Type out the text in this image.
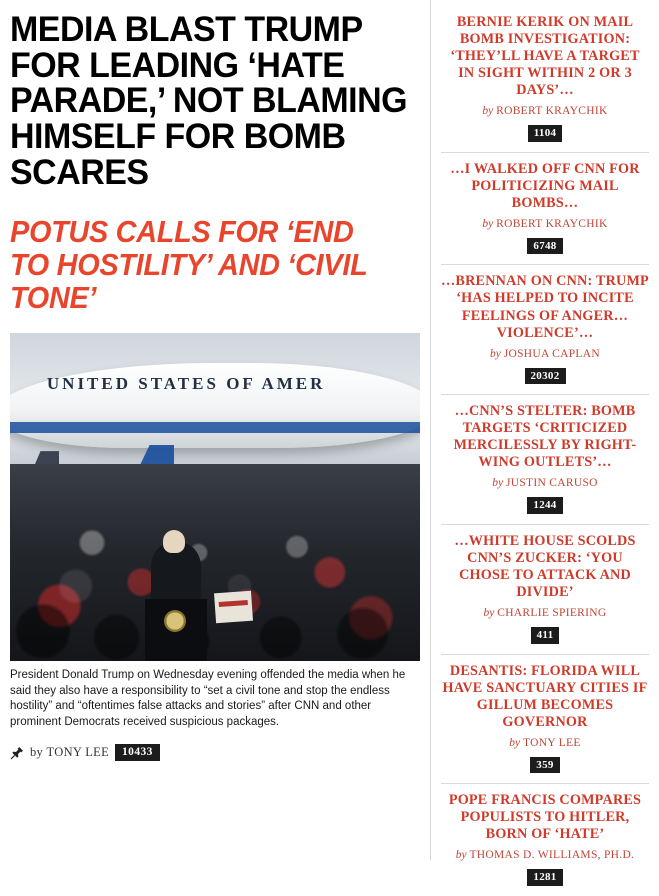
MEDIA BLAST TRUMP FOR LEADING ‘HATE PARADE,’ NOT BLAMING HIMSELF FOR BOMB SCARES
POTUS CALLS FOR ‘END TO HOSTILITY’ AND ‘CIVIL TONE’
UNITED STATES OF AMER

President Donald Trump on Wednesday evening offended the media when he said they also have a responsibility to “set a civil tone and stop the endless hostility” and “oftentimes false attacks and stories” after CNN and other prominent Democrats received suspicious packages.

by TONY LEE	10433
BERNIE KERIK ON MAIL BOMB INVESTIGATION: ‘THEY’LL HAVE A TARGET IN SIGHT WITHIN 2 OR 3 DAYS’…
by ROBERT KRAYCHIK
1104
…I WALKED OFF CNN FOR POLITICIZING MAIL BOMBS…
by ROBERT KRAYCHIK
6748
…BRENNAN ON CNN: TRUMP ‘HAS HELPED TO INCITE FEELINGS OF ANGER… VIOLENCE’…
by JOSHUA CAPLAN
20302
…CNN’S STELTER: BOMB TARGETS ‘CRITICIZED MERCILESSLY BY RIGHT-WING OUTLETS’…
by JUSTIN CARUSO
1244
…WHITE HOUSE SCOLDS CNN’S ZUCKER: ‘YOU CHOSE TO ATTACK AND DIVIDE’
by CHARLIE SPIERING
411
DESANTIS: FLORIDA WILL HAVE SANCTUARY CITIES IF GILLUM BECOMES GOVERNOR
by TONY LEE
359
POPE FRANCIS COMPARES POPULISTS TO HITLER, BORN OF ‘HATE’
by THOMAS D. WILLIAMS, PH.D.
1281
